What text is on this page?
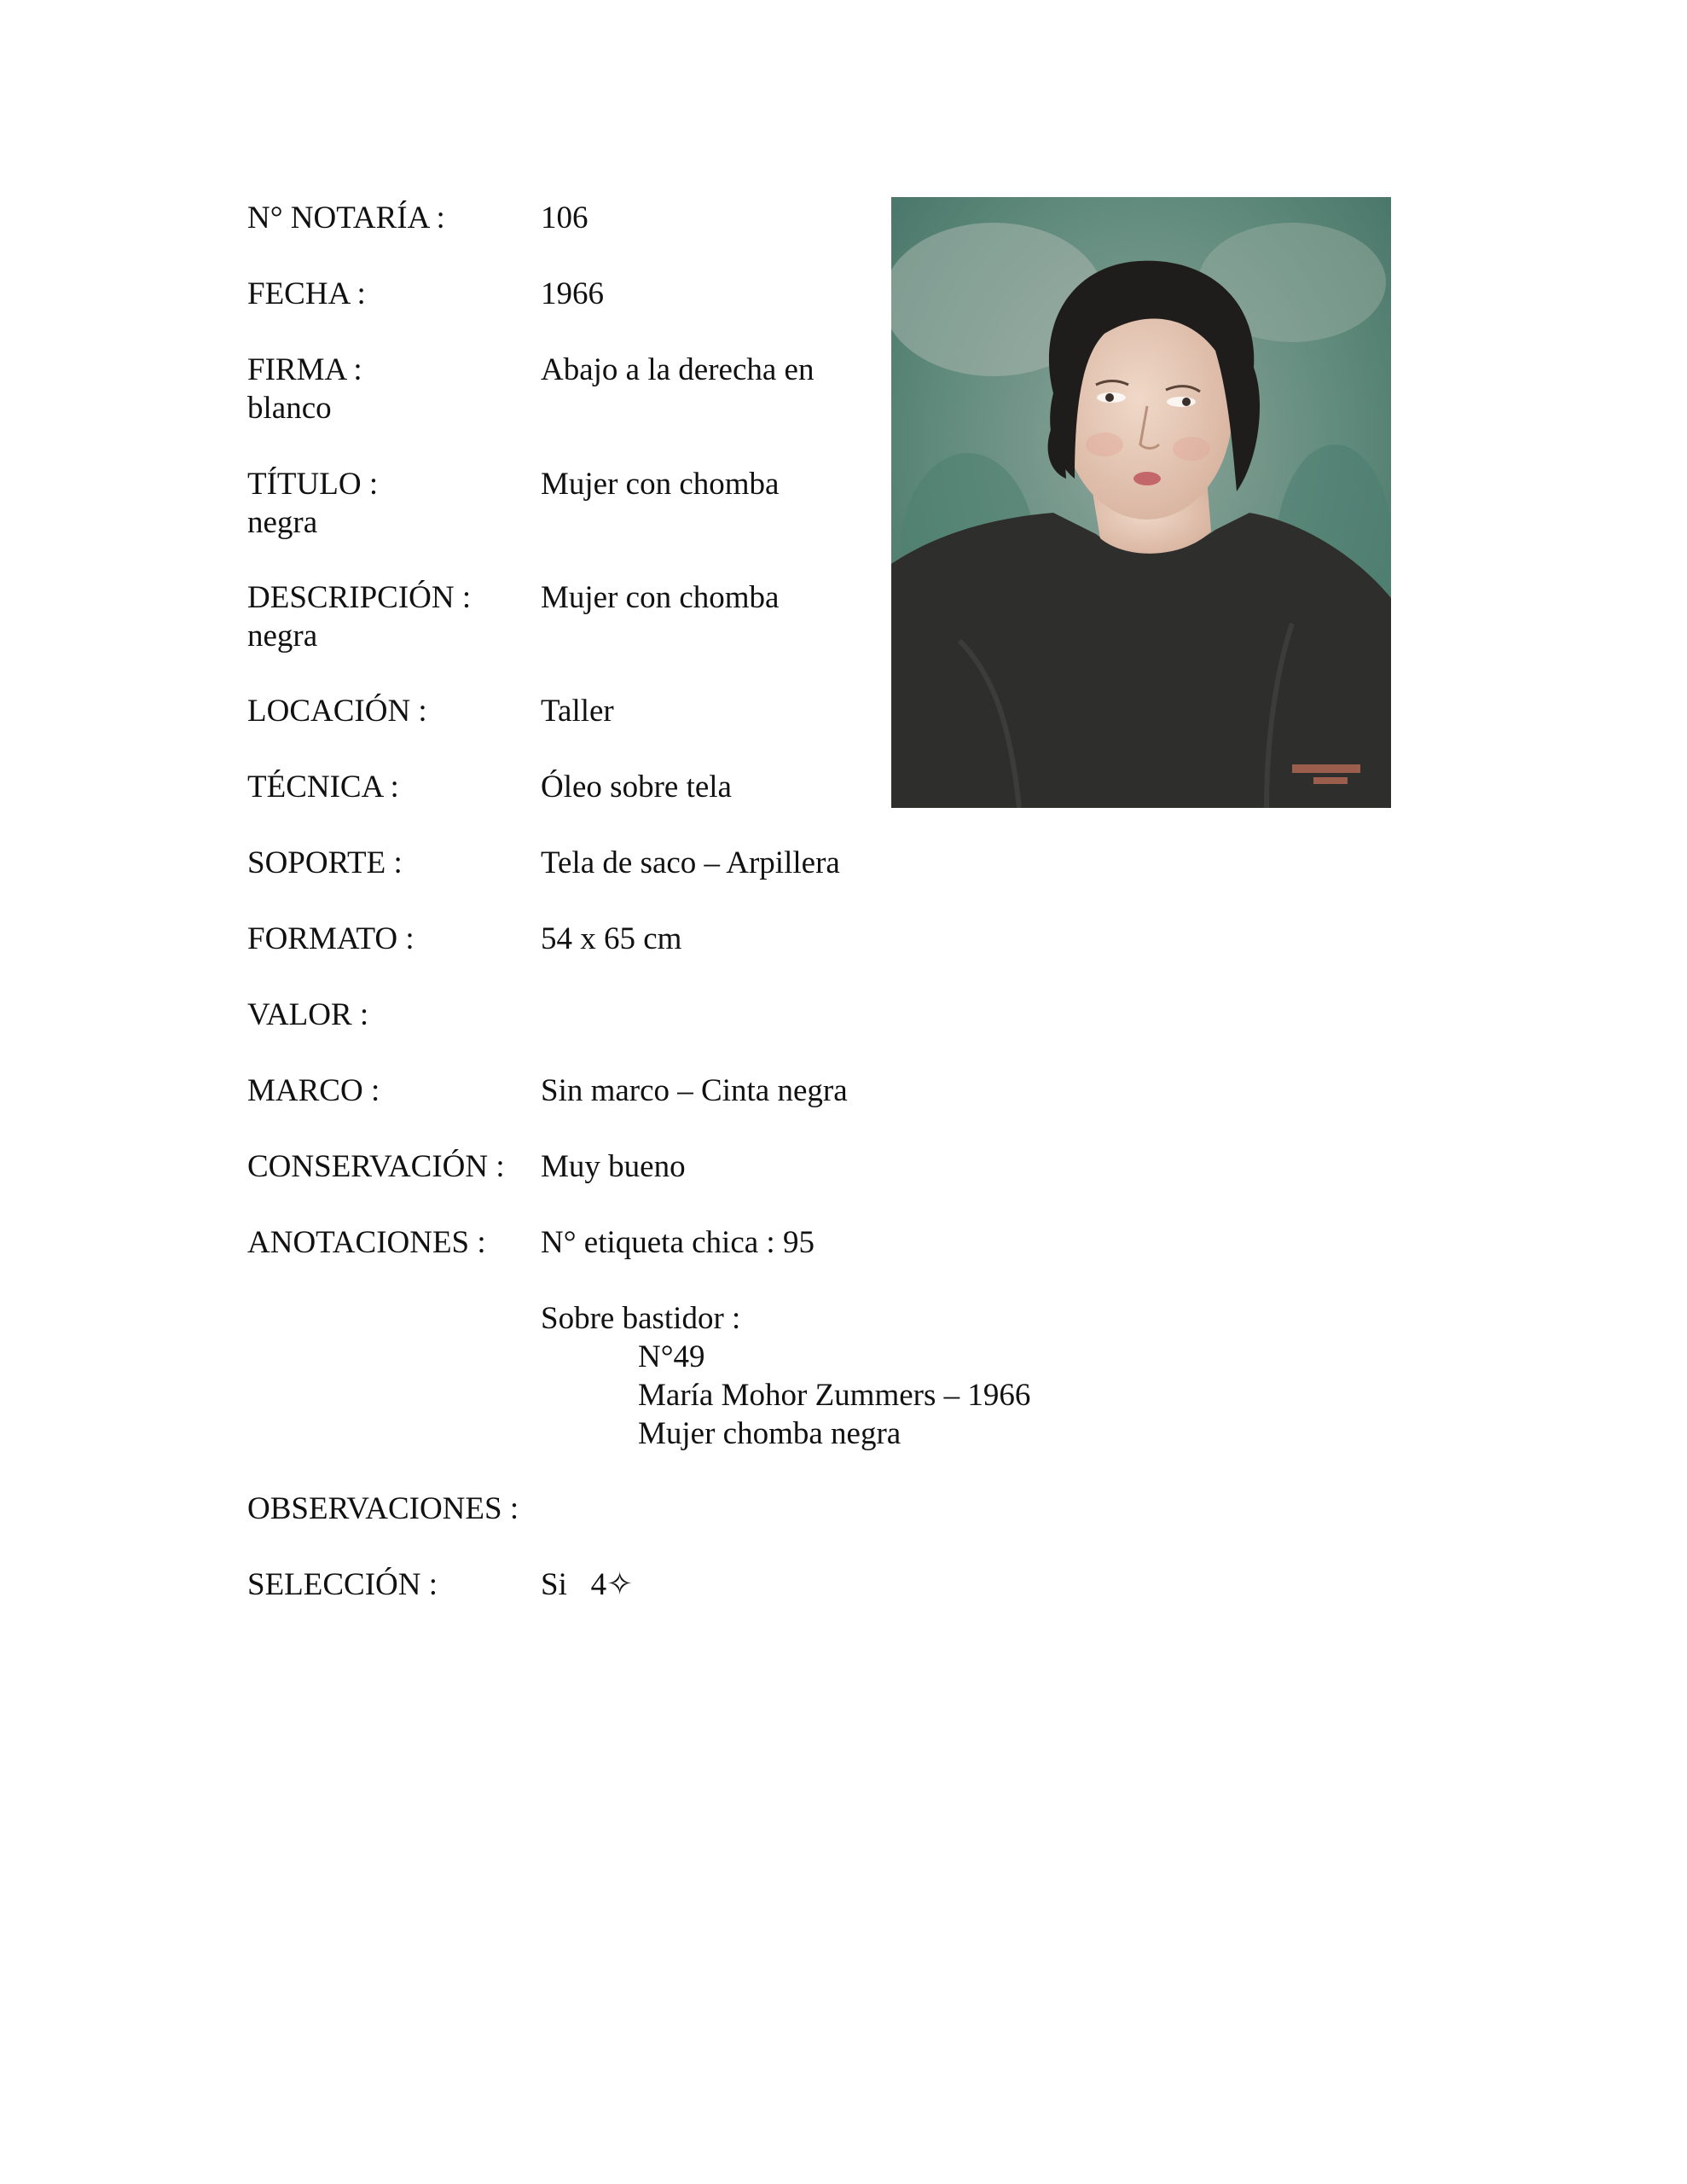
N° NOTARÍA :	106
FECHA :	1966
FIRMA :	Abajo a la derecha en
blanco
TÍTULO :	Mujer con chomba
negra
DESCRIPCIÓN : Mujer con chomba
negra
LOCACIÓN :	Taller
TÉCNICA :	Óleo sobre tela
SOPORTE :	Tela de saco – Arpillera
FORMATO :	54 x 65 cm
VALOR :
MARCO :	Sin marco – Cinta negra
CONSERVACIÓN : Muy bueno
ANOTACIONES : N° etiqueta chica : 95
Sobre bastidor :
N°49
María Mohor Zummers – 1966
Mujer chomba negra
OBSERVACIONES :
SELECCIÓN :	Si   4✧
